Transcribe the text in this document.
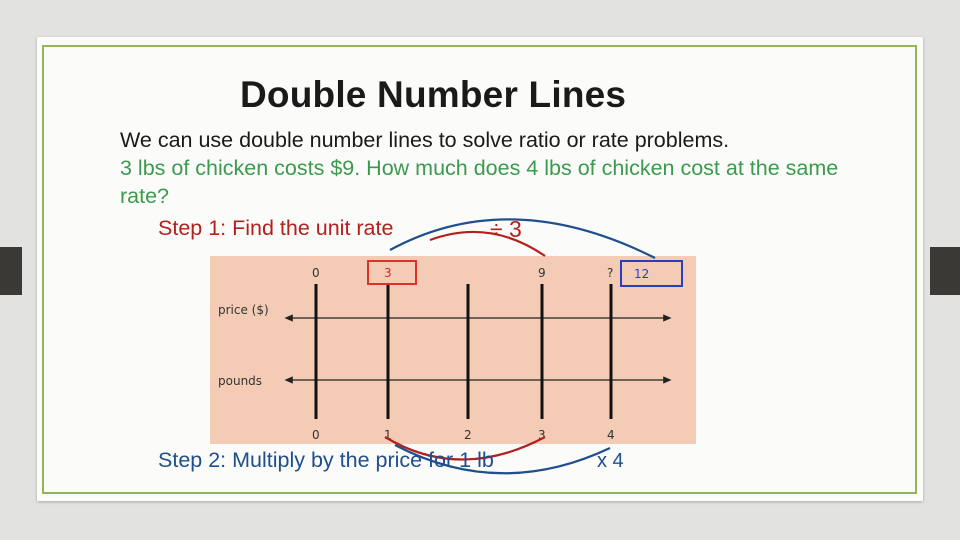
Double Number Lines
We can use double number lines to solve ratio or rate problems.
3 lbs of chicken costs $9. How much does 4 lbs of chicken cost at the same rate?
Step 1: Find the unit rate	÷ 3
price ($)
pounds
0	3	9	?
0	1	2	3	4
12
Step 2: Multiply by the price for 1 lb	x 4
